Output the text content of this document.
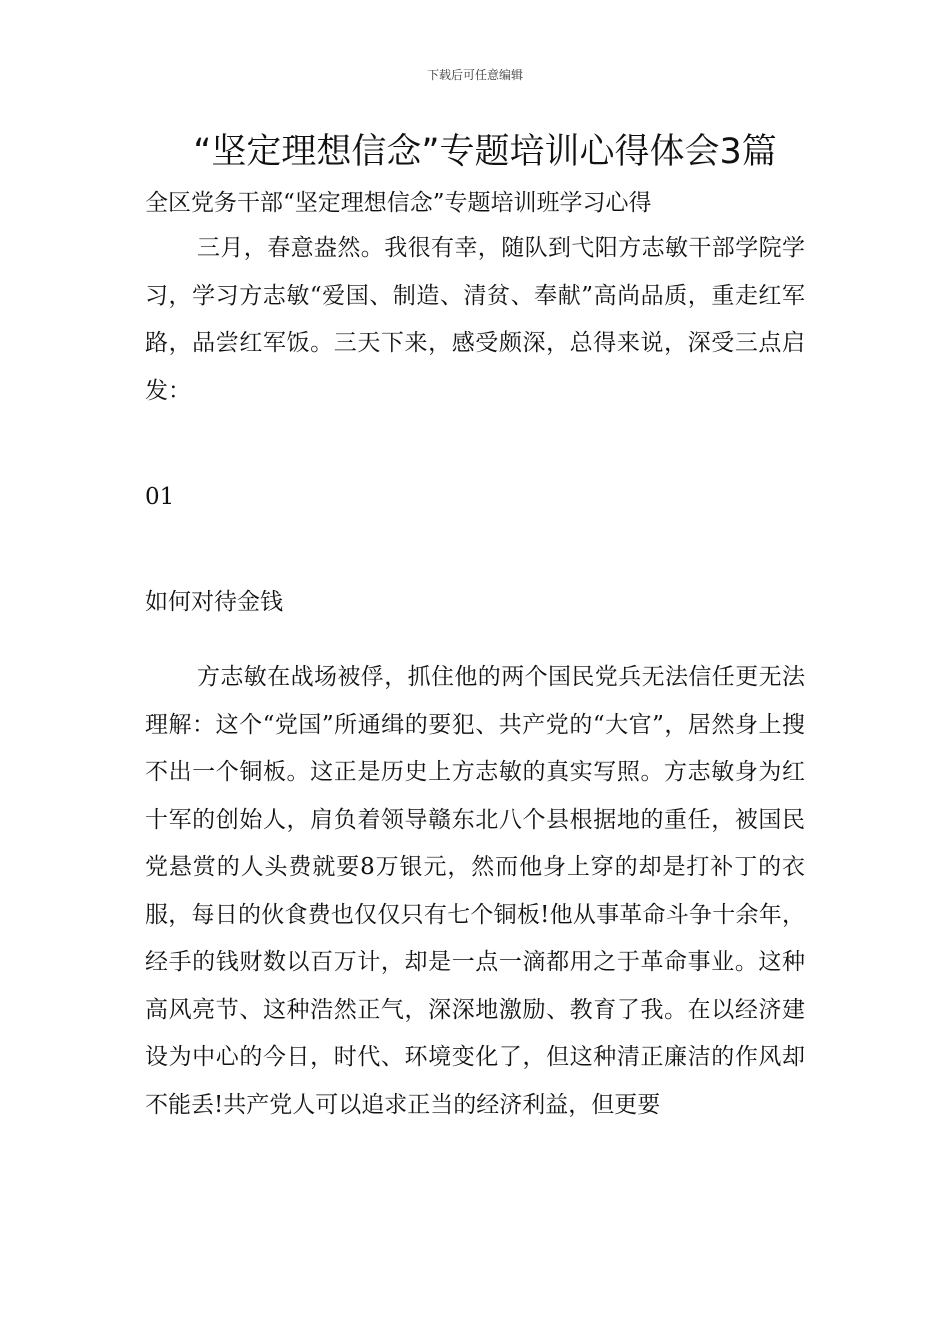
下载后可任意编辑
“坚定理想信念”专题培训心得体会3篇
全区党务干部“坚定理想信念”专题培训班学习心得

三月，春意盎然。我很有幸，随队到弋阳方志敏干部学院学习，学习方志敏“爱国、制造、清贫、奉献”高尚品质，重走红军路，品尝红军饭。三天下来，感受颇深，总得来说，深受三点启发：

01
如何对待金钱

方志敏在战场被俘，抓住他的两个国民党兵无法信任更无法理解：这个“党国”所通缉的要犯、共产党的“大官”，居然身上搜不出一个铜板。这正是历史上方志敏的真实写照。方志敏身为红十军的创始人，肩负着领导赣东北八个县根据地的重任，被国民党悬赏的人头费就要8万银元，然而他身上穿的却是打补丁的衣服，每日的伙食费也仅仅只有七个铜板!他从事革命斗争十余年，经手的钱财数以百万计，却是一点一滴都用之于革命事业。这种高风亮节、这种浩然正气，深深地激励、教育了我。在以经济建设为中心的今日，时代、环境变化了，但这种清正廉洁的作风却不能丢!共产党人可以追求正当的经济利益，但更要
